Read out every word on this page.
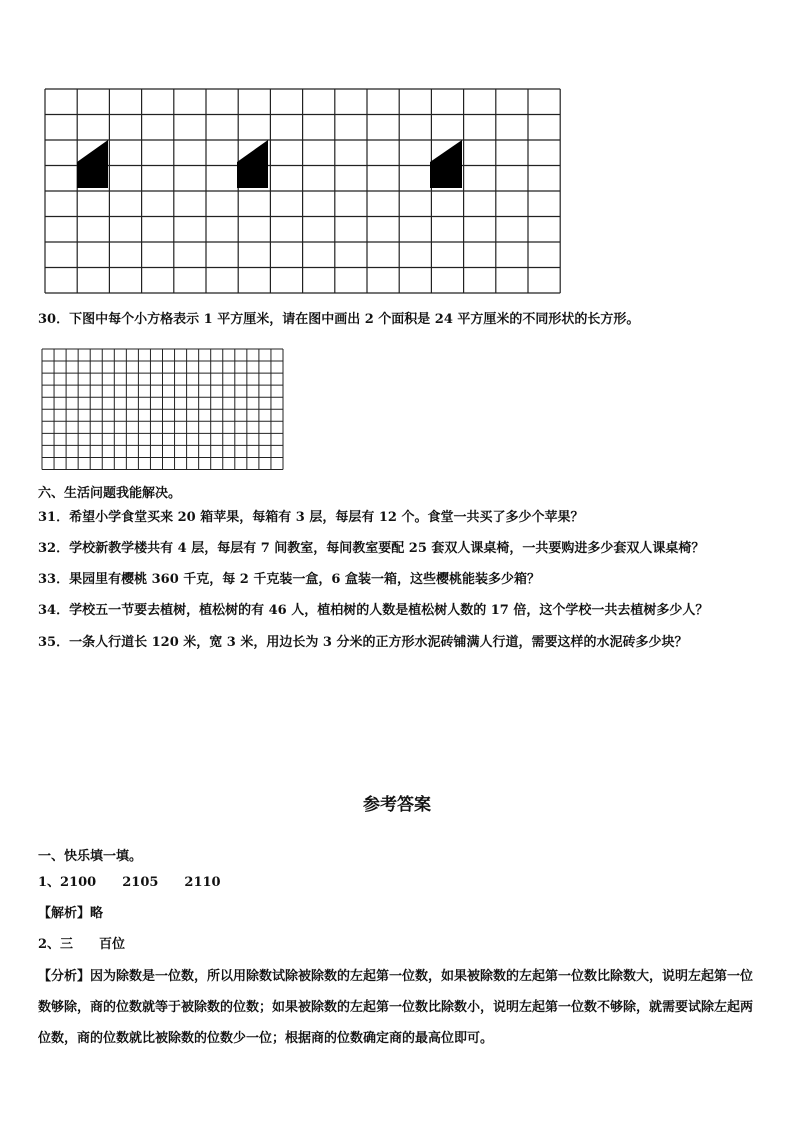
30．下图中每个小方格表示 1 平方厘米，请在图中画出 2 个面积是 24 平方厘米的不同形状的长方形。

六、生活问题我能解决。

31．希望小学食堂买来 20 箱苹果，每箱有 3 层，每层有 12 个。食堂一共买了多少个苹果？

32．学校新教学楼共有 4 层，每层有 7 间教室，每间教室要配 25 套双人课桌椅，一共要购进多少套双人课桌椅？

33．果园里有樱桃 360 千克，每 2 千克装一盒，6 盒装一箱，这些樱桃能装多少箱？

34．学校五一节要去植树，植松树的有 46 人，植柏树的人数是植松树人数的 17 倍，这个学校一共去植树多少人？

35．一条人行道长 120 米，宽 3 米，用边长为 3 分米的正方形水泥砖铺满人行道，需要这样的水泥砖多少块？

参考答案

一、快乐填一填。

1、2100 2105 2110

【解析】略

2、三 百位

【分析】因为除数是一位数，所以用除数试除被除数的左起第一位数，如果被除数的左起第一位数比除数大，说明左起第一位数够除，商的位数就等于被除数的位数；如果被除数的左起第一位数比除数小，说明左起第一位数不够除，就需要试除左起两位数，商的位数就比被除数的位数少一位；根据商的位数确定商的最高位即可。
